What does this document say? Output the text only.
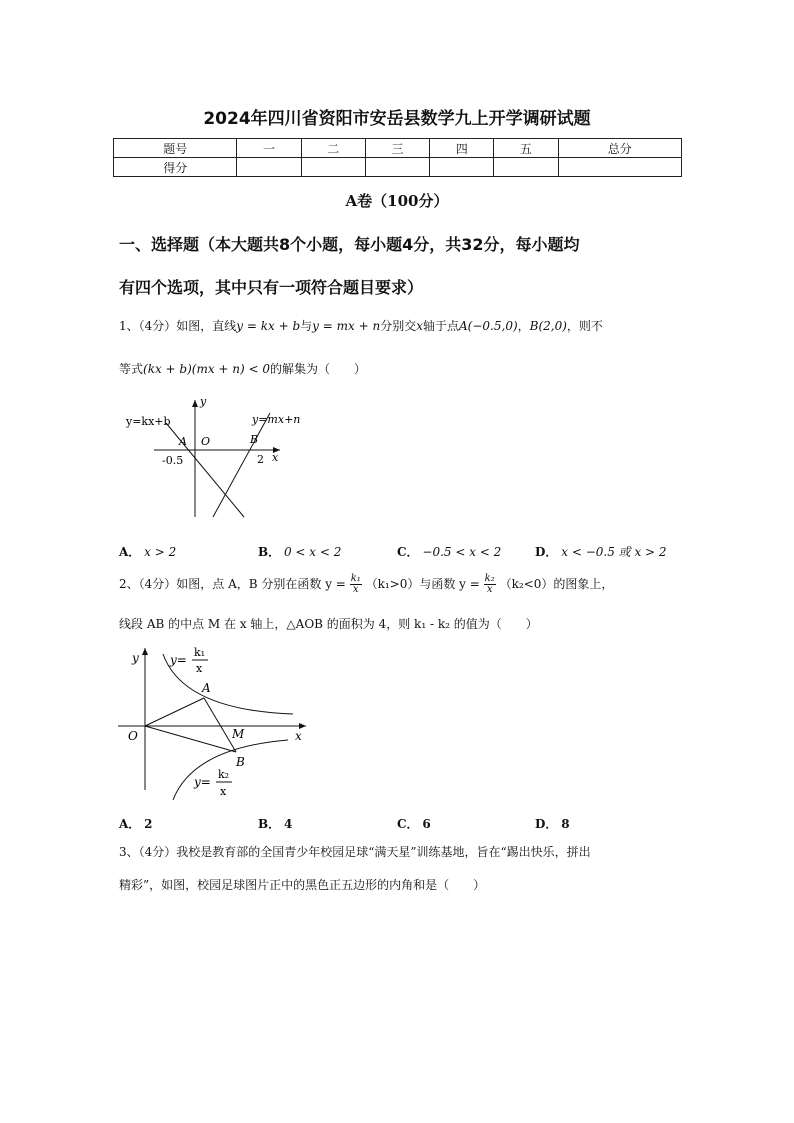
2024年四川省资阳市安岳县数学九上开学调研试题
题号	一	二	三	四	五	总分
得分						
A卷（100分）
一、选择题（本大题共8个小题，每小题4分，共32分，每小题均
有四个选项，其中只有一项符合题目要求）
1、（4分）如图，直线y = kx + b与y = mx + n分别交x轴于点A(−0.5,0)，B(2,0)，则不
等式(kx + b)(mx + n) < 0的解集为（　　）
y=kx+b	y=mx+n
y
x
A O	B
-0.5	2
A． x > 2	B． 0 < x < 2	C． −0.5 < x < 2	D． x < −0.5 或 x > 2
2、（4分）如图，点 A，B 分别在函数 $y = \frac{\text{k₁}}{x} (k_1>0)$与函数 $y = \frac{\text{k₂}}{x} (k_2<0)$的图象上，
线段 AB 的中点 M 在 x 轴上，△AOB 的面积为 4，则 k₁ - k₂ 的值为（　　）
y
x
O
A
B
M
y=
k₁
x
y=
k₂
x
A． 2	B． 4	C． 6	D． 8
3、（4分）我校是教育部的全国青少年校园足球“满天星”训练基地，旨在“踢出快乐，拼出
精彩”，如图，校园足球图片正中的黑色正五边形的内角和是（　　）
